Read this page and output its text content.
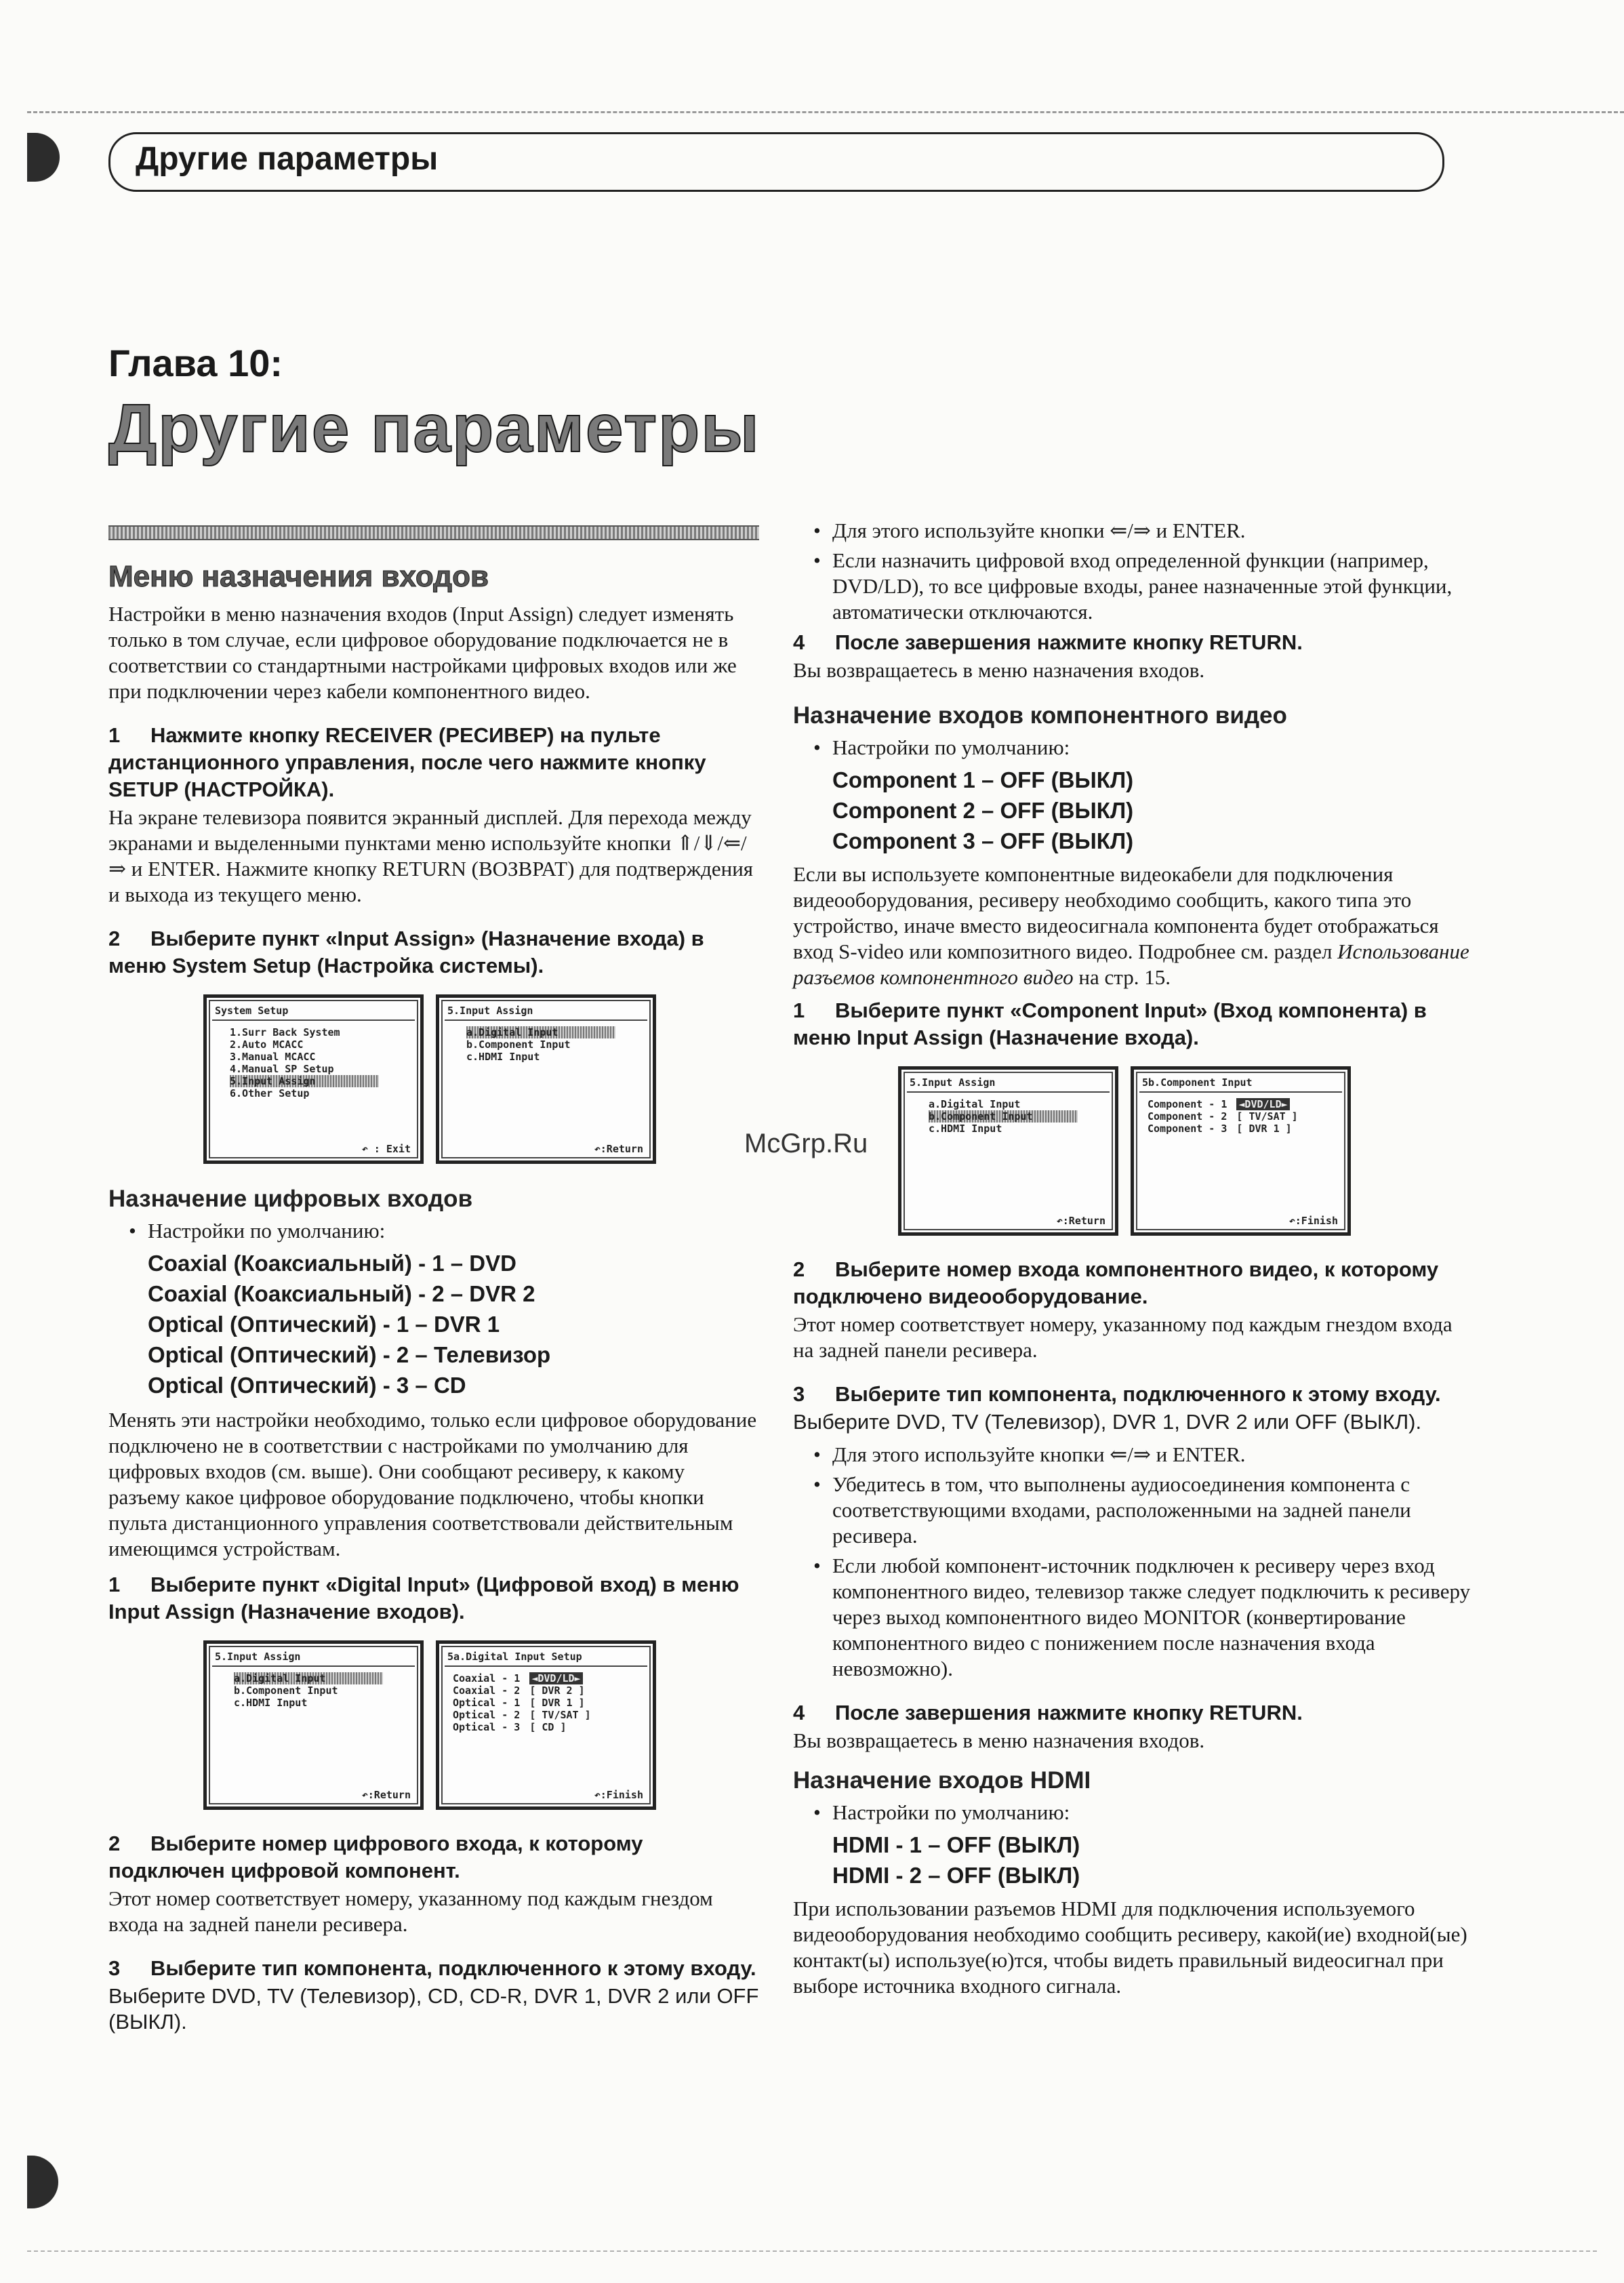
Другие параметры
Глава 10:
Другие параметры
Меню назначения входов

Настройки в меню назначения входов (Input Assign) следует изменять только в том случае, если цифровое оборудование подключается не в соответствии со стандартными настройками цифровых входов или же при подключении через кабели компонентного видео.

1 Нажмите кнопку RECEIVER (РЕСИВЕР) на пульте дистанционного управления, после чего нажмите кнопку SETUP (НАСТРОЙКА).

На экране телевизора появится экранный дисплей. Для перехода между экранами и выделенными пунктами меню используйте кнопки ⇑/⇓/⇐/⇒ и ENTER. Нажмите кнопку RETURN (ВОЗВРАТ) для подтверждения и выхода из текущего меню.

2 Выберите пункт «Input Assign» (Назначение входа) в меню System Setup (Настройка системы).
System Setup
1.Surr Back System
2.Auto MCACC
3.Manual MCACC
4.Manual SP Setup
5.Input Assign
6.Other Setup
↶ : Exit
5.Input Assign
a.Digital Input
b.Component Input
c.HDMI Input
↶:Return
Назначение цифровых входов
• Настройки по умолчанию:
Coaxial (Коаксиальный) - 1 – DVD
Coaxial (Коаксиальный) - 2 – DVR 2
Optical (Оптический) - 1 – DVR 1
Optical (Оптический) - 2 – Телевизор
Optical (Оптический) - 3 – CD

Менять эти настройки необходимо, только если цифровое оборудование подключено не в соответствии с настройками по умолчанию для цифровых входов (см. выше). Они сообщают ресиверу, к какому разъему какое цифровое оборудование подключено, чтобы кнопки пульта дистанционного управления соответствовали действительным имеющимся устройствам.

1 Выберите пункт «Digital Input» (Цифровой вход) в меню Input Assign (Назначение входов).
5.Input Assign
a.Digital Input
b.Component Input
c.HDMI Input
↶:Return
5a.Digital Input Setup
Coaxial - 1 ◄DVD/LD►
Coaxial - 2 [ DVR 2 ]
Optical - 1 [ DVR 1 ]
Optical - 2 [ TV/SAT ]
Optical - 3 [ CD ]
↶:Finish
2 Выберите номер цифрового входа, к которому подключен цифровой компонент.

Этот номер соответствует номеру, указанному под каждым гнездом входа на задней панели ресивера.

3 Выберите тип компонента, подключенного к этому входу.

Выберите DVD, TV (Телевизор), CD, CD-R, DVR 1, DVR 2 или OFF (ВЫКЛ).

• Для этого используйте кнопки ⇐/⇒ и ENTER.
• Если назначить цифровой вход определенной функции (например, DVD/LD), то все цифровые входы, ранее назначенные этой функции, автоматически отключаются.
4 После завершения нажмите кнопку RETURN.

Вы возвращаетесь в меню назначения входов.

Назначение входов компонентного видео
• Настройки по умолчанию:
Component 1 – OFF (ВЫКЛ)
Component 2 – OFF (ВЫКЛ)
Component 3 – OFF (ВЫКЛ)

Если вы используете компонентные видеокабели для подключения видеооборудования, ресиверу необходимо сообщить, какого типа это устройство, иначе вместо видеосигнала компонента будет отображаться вход S-video или композитного видео. Подробнее см. раздел Использование разъемов компонентного видео на стр. 15.

1 Выберите пункт «Component Input» (Вход компонента) в меню Input Assign (Назначение входа).
5.Input Assign
a.Digital Input
b.Component Input
c.HDMI Input
↶:Return
5b.Component Input
Component - 1 ◄DVD/LD►
Component - 2 [ TV/SAT ]
Component - 3 [ DVR 1 ]
↶:Finish
2 Выберите номер входа компонентного видео, к которому подключено видеооборудование.

Этот номер соответствует номеру, указанному под каждым гнездом входа на задней панели ресивера.

3 Выберите тип компонента, подключенного к этому входу.

Выберите DVD, TV (Телевизор), DVR 1, DVR 2 или OFF (ВЫКЛ).

• Для этого используйте кнопки ⇐/⇒ и ENTER.
• Убедитесь в том, что выполнены аудиосоединения компонента с соответствующими входами, расположенными на задней панели ресивера.
• Если любой компонент-источник подключен к ресиверу через вход компонентного видео, телевизор также следует подключить к ресиверу через выход компонентного видео MONITOR (конвертирование компонентного видео с понижением после назначения входа невозможно).
4 После завершения нажмите кнопку RETURN.

Вы возвращаетесь в меню назначения входов.

Назначение входов HDMI
• Настройки по умолчанию:
HDMI - 1 – OFF (ВЫКЛ)
HDMI - 2 – OFF (ВЫКЛ)

При использовании разъемов HDMI для подключения используемого видеооборудования необходимо сообщить ресиверу, какой(ие) входной(ые) контакт(ы) используе(ю)тся, чтобы видеть правильный видеосигнал при выборе источника входного сигнала.

McGrp.Ru
